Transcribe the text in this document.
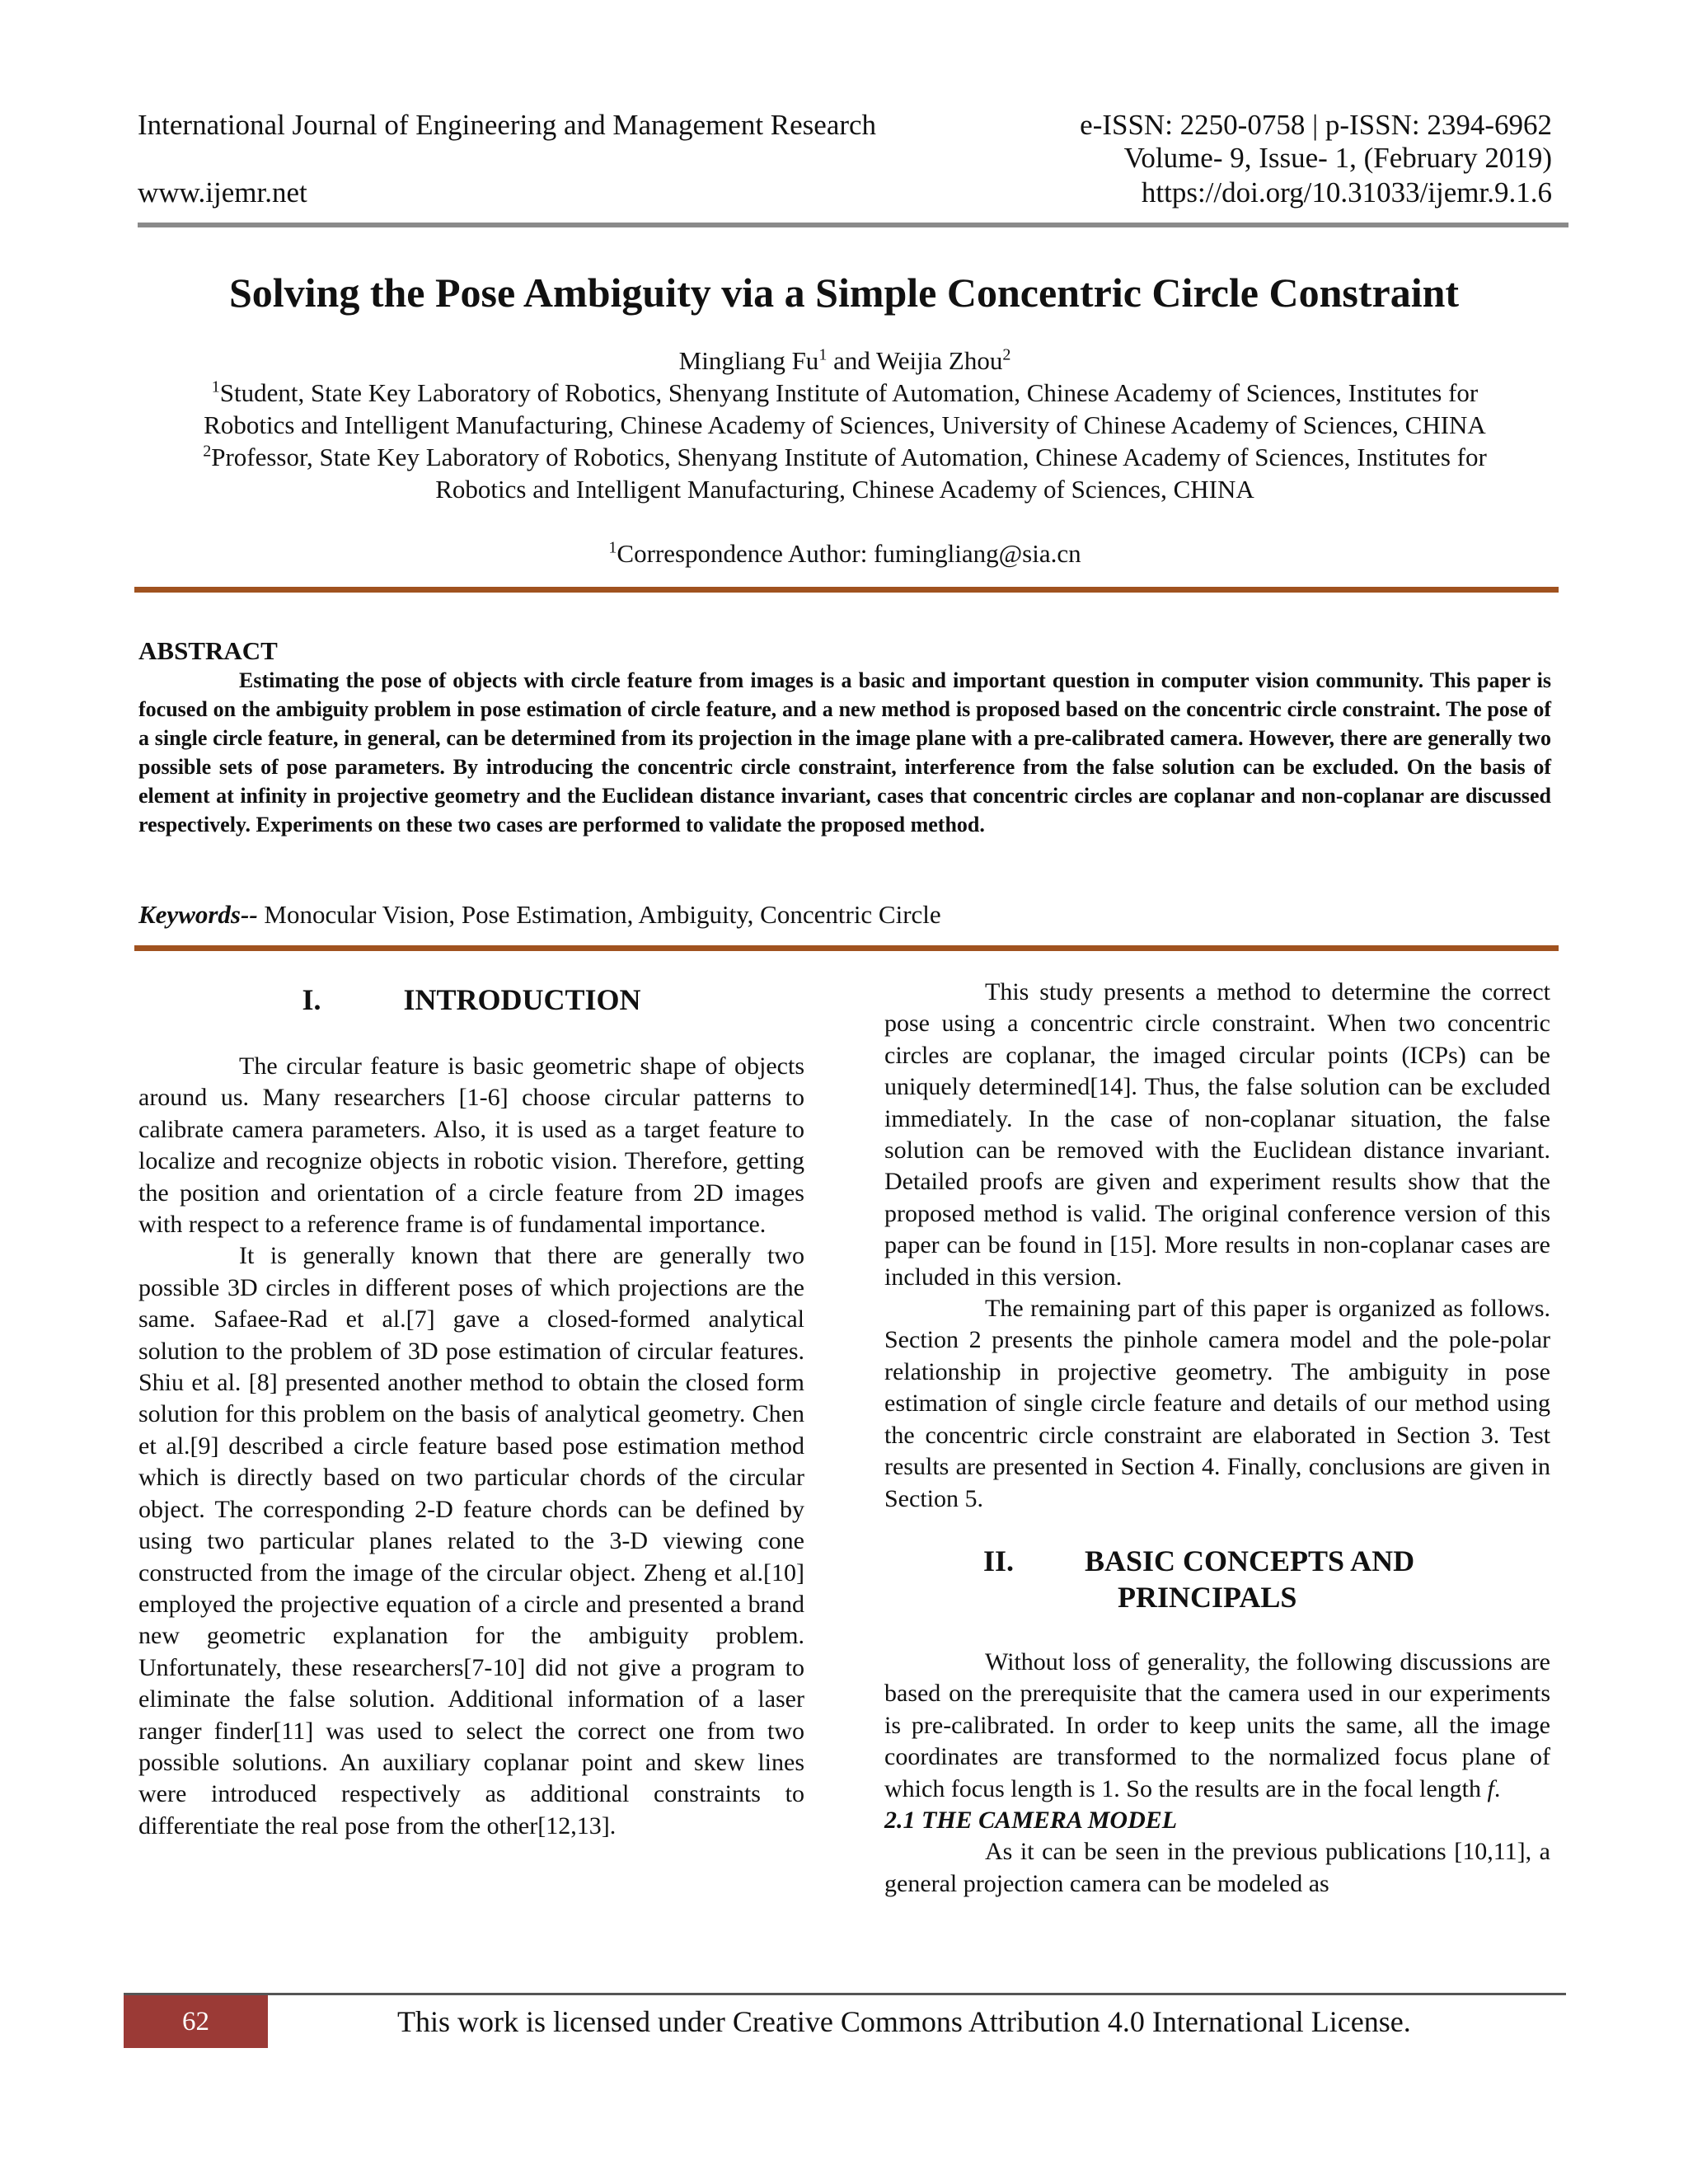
International Journal of Engineering and Management Research	e-ISSN: 2250-0758 | p-ISSN: 2394-6962
Volume- 9, Issue- 1, (February 2019)
www.ijemr.net	https://doi.org/10.31033/ijemr.9.1.6
Solving the Pose Ambiguity via a Simple Concentric Circle Constraint

Mingliang Fu$^1$ and Weijia Zhou$^2$

$^1$Student, State Key Laboratory of Robotics, Shenyang Institute of Automation, Chinese Academy of Sciences, Institutes for

Robotics and Intelligent Manufacturing, Chinese Academy of Sciences, University of Chinese Academy of Sciences, CHINA

$^2$Professor, State Key Laboratory of Robotics, Shenyang Institute of Automation, Chinese Academy of Sciences, Institutes for

Robotics and Intelligent Manufacturing, Chinese Academy of Sciences, CHINA

$^1$Correspondence Author: fumingliang@sia.cn
ABSTRACT

Estimating the pose of objects with circle feature from images is a basic and important question in computer vision community. This paper is focused on the ambiguity problem in pose estimation of circle feature, and a new method is proposed based on the concentric circle constraint. The pose of a single circle feature, in general, can be determined from its projection in the image plane with a pre-calibrated camera. However, there are generally two possible sets of pose parameters. By introducing the concentric circle constraint, interference from the false solution can be excluded. On the basis of element at infinity in projective geometry and the Euclidean distance invariant, cases that concentric circles are coplanar and non-coplanar are discussed respectively. Experiments on these two cases are performed to validate the proposed method.

Keywords-- Monocular Vision, Pose Estimation, Ambiguity, Concentric Circle
I.	INTRODUCTION

The circular feature is basic geometric shape of objects around us. Many researchers [1-6] choose circular patterns to calibrate camera parameters. Also, it is used as a target feature to localize and recognize objects in robotic vision. Therefore, getting the position and orientation of a circle feature from 2D images with respect to a reference frame is of fundamental importance.

It is generally known that there are generally two possible 3D circles in different poses of which projections are the same. Safaee-Rad et al.[7] gave a closed-formed analytical solution to the problem of 3D pose estimation of circular features. Shiu et al. [8] presented another method to obtain the closed form solution for this problem on the basis of analytical geometry. Chen et al.[9] described a circle feature based pose estimation method which is directly based on two particular chords of the circular object. The corresponding 2-D feature chords can be defined by using two particular planes related to the 3-D viewing cone constructed from the image of the circular object. Zheng et al.[10] employed the projective equation of a circle and presented a brand new geometric explanation for the ambiguity problem. Unfortunately, these researchers[7-10] did not give a program to eliminate the false solution. Additional information of a laser ranger finder[11] was used to select the correct one from two possible solutions. An auxiliary coplanar point and skew lines were introduced respectively as additional constraints to differentiate the real pose from the other[12,13].

This study presents a method to determine the correct pose using a concentric circle constraint. When two concentric circles are coplanar, the imaged circular points (ICPs) can be uniquely determined[14]. Thus, the false solution can be excluded immediately. In the case of non-coplanar situation, the false solution can be removed with the Euclidean distance invariant. Detailed proofs are given and experiment results show that the proposed method is valid. The original conference version of this paper can be found in [15]. More results in non-coplanar cases are included in this version.

The remaining part of this paper is organized as follows. Section 2 presents the pinhole camera model and the pole-polar relationship in projective geometry. The ambiguity in pose estimation of single circle feature and details of our method using the concentric circle constraint are elaborated in Section 3. Test results are presented in Section 4. Finally, conclusions are given in Section 5.

II. BASIC CONCEPTS AND
PRINCIPALS

Without loss of generality, the following discussions are based on the prerequisite that the camera used in our experiments is pre-calibrated. In order to keep units the same, all the image coordinates are transformed to the normalized focus plane of which focus length is 1. So the results are in the focal length f.

2.1 THE CAMERA MODEL

As it can be seen in the previous publications [10,11], a general projection camera can be modeled as

62	This work is licensed under Creative Commons Attribution 4.0 International License.
